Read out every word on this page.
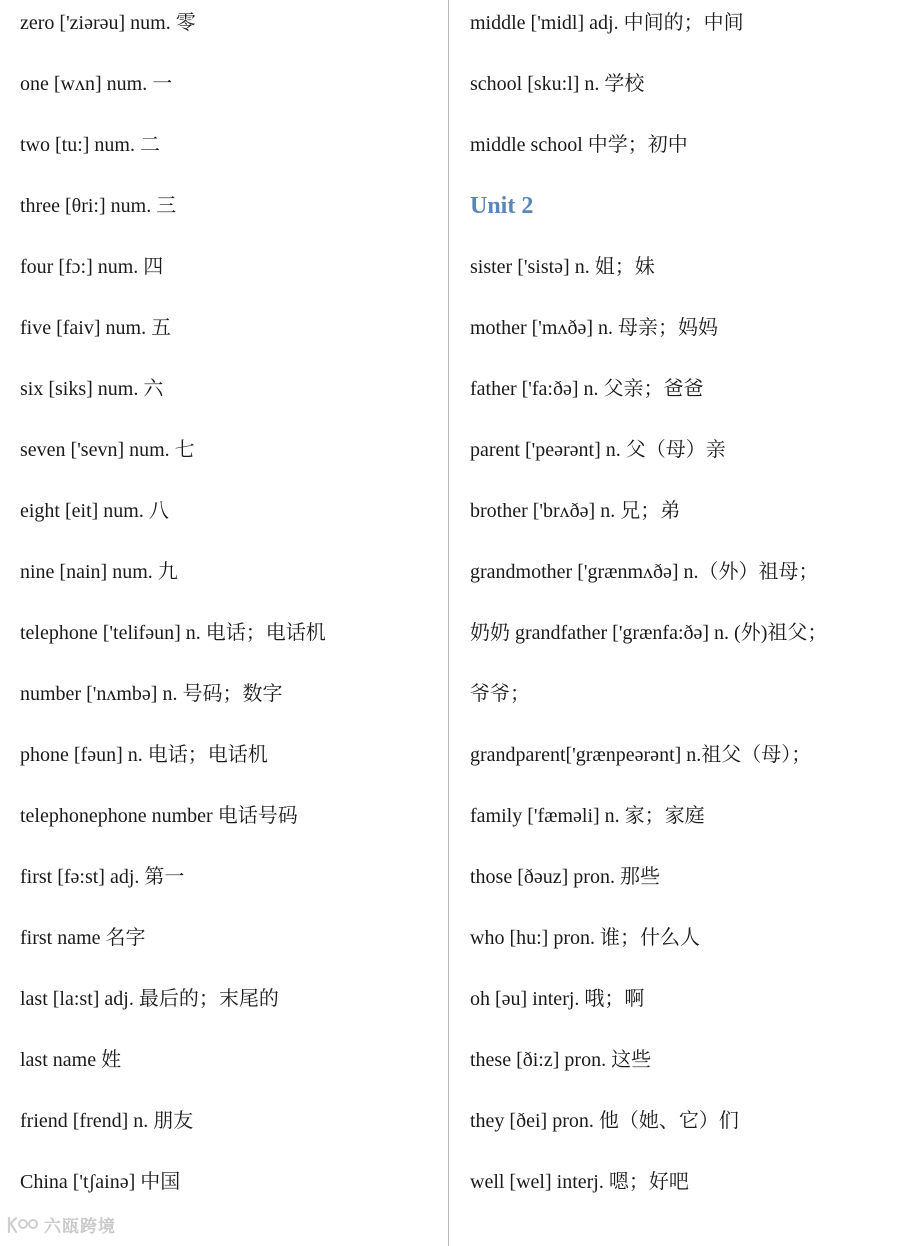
zero ['ziərəu] num. 零
one [wʌn] num. 一
two [tu:] num. 二
three [θri:] num. 三
four [fɔ:] num. 四
five [faiv] num. 五
six [siks] num. 六
seven ['sevn] num. 七
eight [eit] num. 八
nine [nain] num. 九
telephone ['telifəun] n. 电话；电话机
number ['nʌmbə] n. 号码；数字
phone [fəun] n. 电话；电话机
telephonephone number 电话号码
first [fə:st] adj. 第一
first name 名字
last [la:st] adj. 最后的；末尾的
last name 姓
friend [frend] n. 朋友
China ['tʃainə] 中国
middle ['midl] adj. 中间的；中间
school [sku:l] n. 学校
middle school 中学；初中
Unit 2
sister ['sistə] n. 姐；妹
mother ['mʌðə] n. 母亲；妈妈
father ['fa:ðə] n. 父亲；爸爸
parent ['peərənt] n. 父（母）亲
brother ['brʌðə] n. 兄；弟
grandmother ['grænmʌðə] n.（外）祖母；
奶奶 grandfather ['grænfa:ðə] n. (外)祖父；
爷爷；
grandparent['grænpeərənt] n.祖父（母）；
family ['fæməli] n. 家；家庭
those [ðəuz] pron. 那些
who [hu:] pron. 谁；什么人
oh [əu] interj. 哦；啊
these [ði:z] pron. 这些
they [ðei] pron. 他（她、它）们
well [wel] interj. 嗯；好吧
六瓯跨境
